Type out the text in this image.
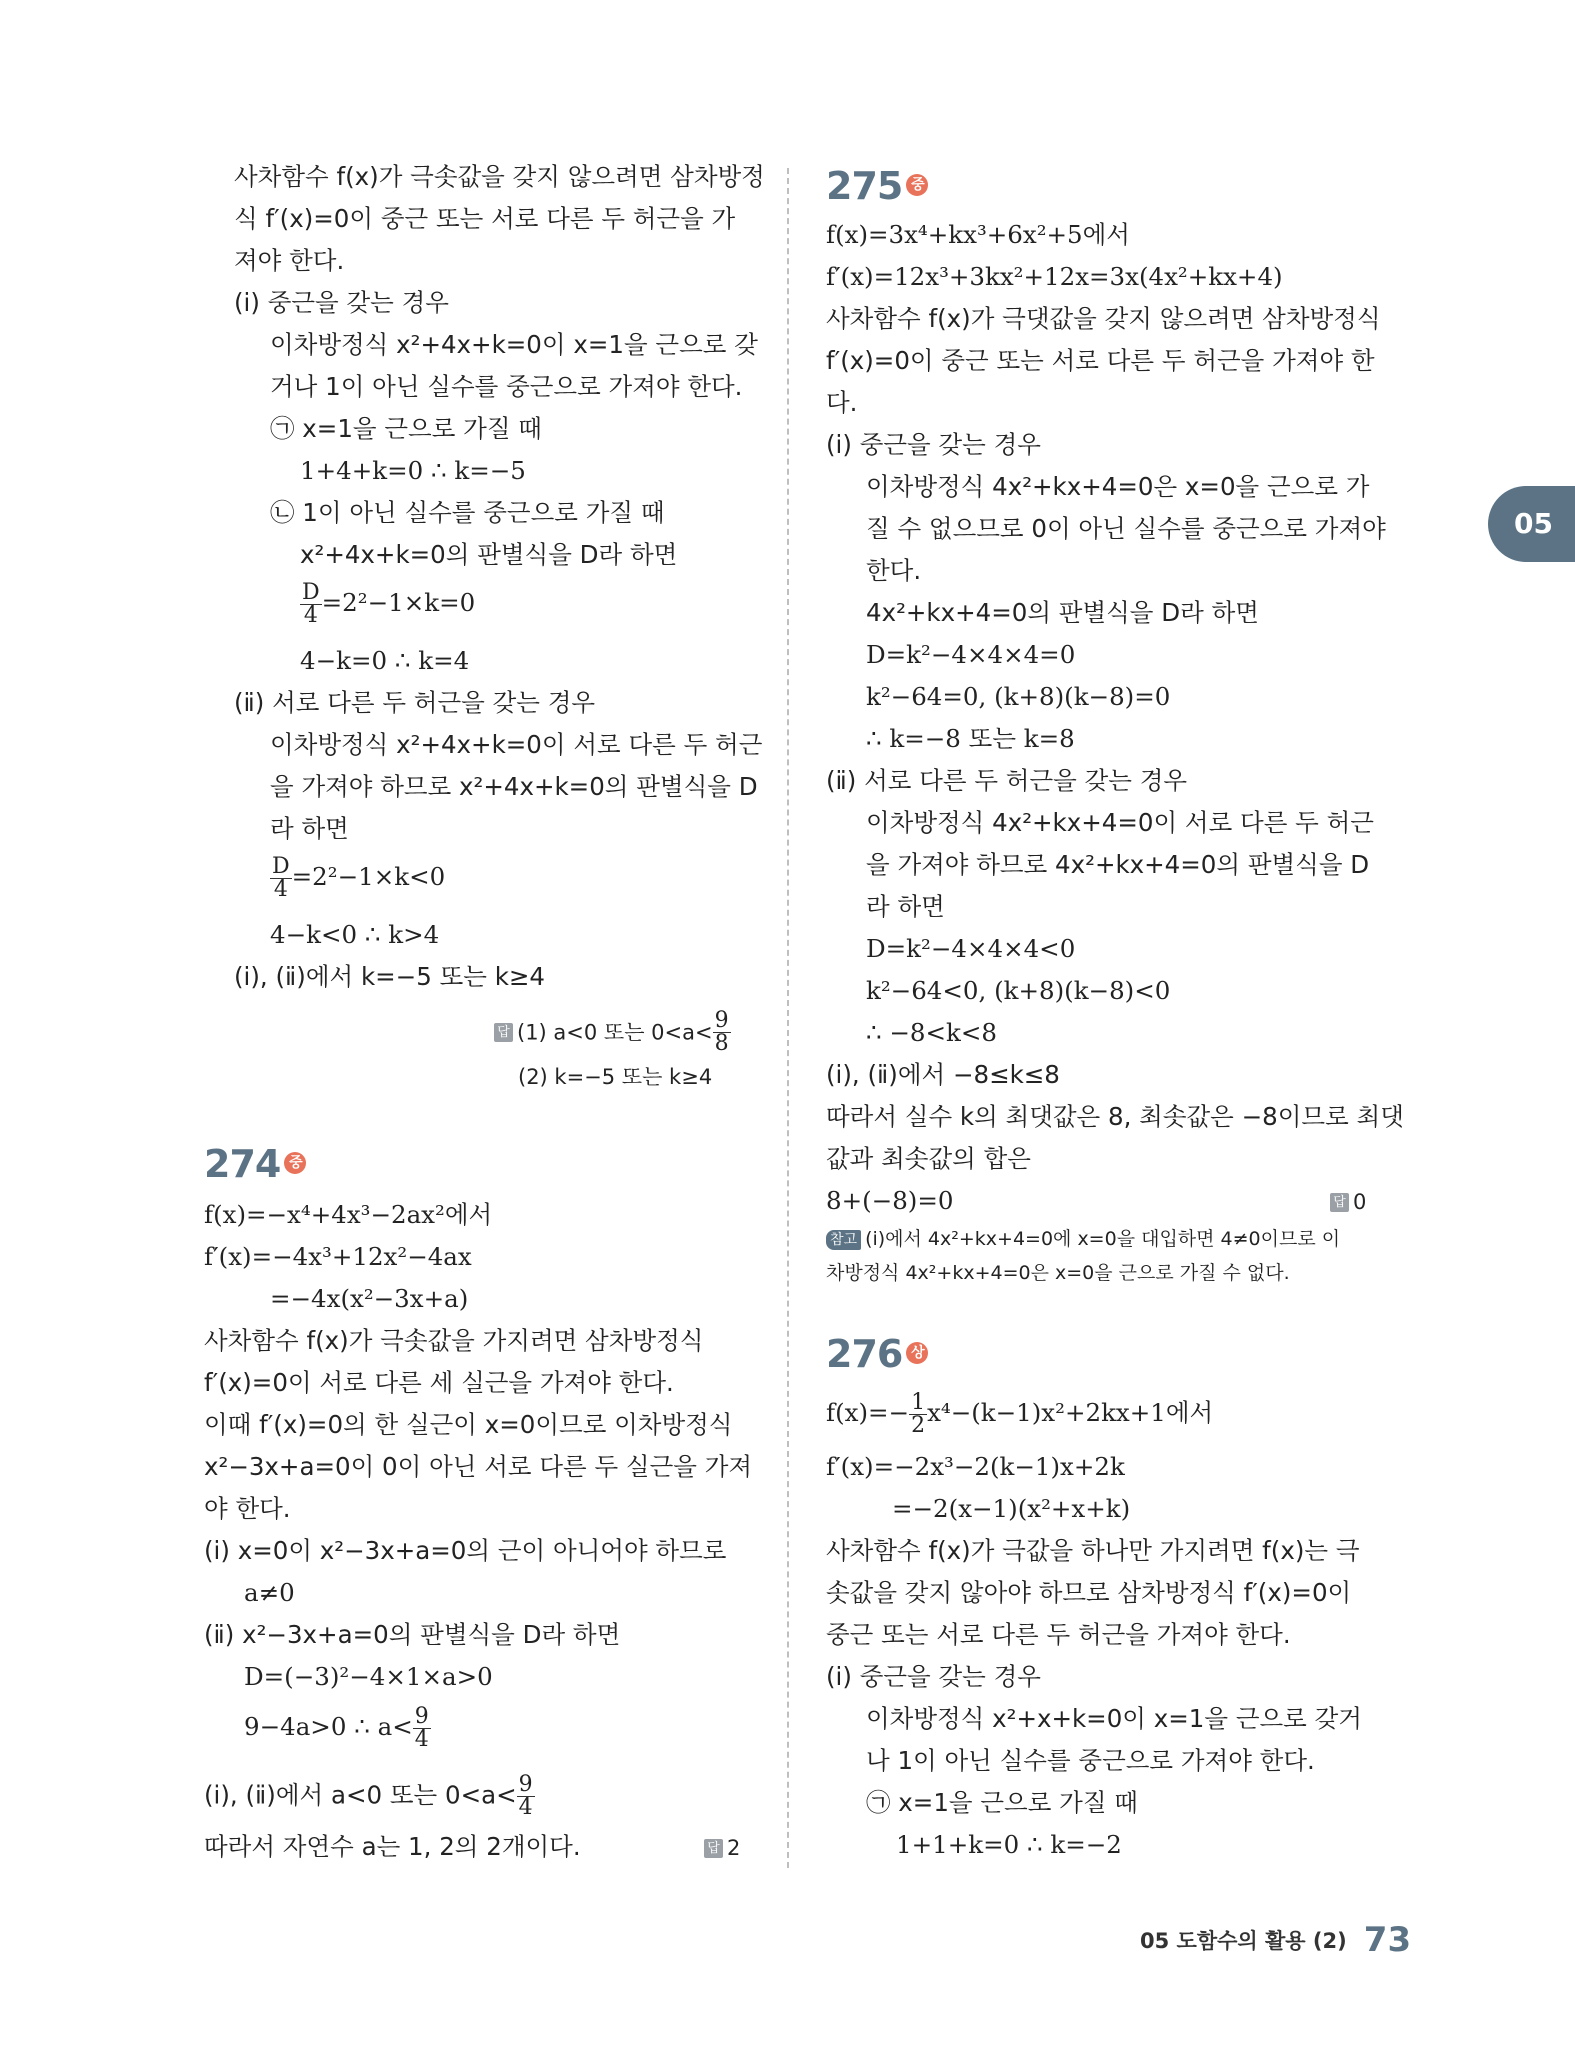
사차함수 f(x)가 극솟값을 갖지 않으려면 삼차방정
식 f′(x)=0이 중근 또는 서로 다른 두 허근을 가
져야 한다.
(ⅰ) 중근을 갖는 경우
이차방정식 x²+4x+k=0이 x=1을 근으로 갖
거나 1이 아닌 실수를 중근으로 가져야 한다.
㉠ x=1을 근으로 가질 때
1+4+k=0 ∴ k=−5
㉡ 1이 아닌 실수를 중근으로 가질 때
x²+4x+k=0의 판별식을 D라 하면
$\frac{D}{4} =2^2-1\times k=0$
4−k=0 ∴ k=4
(ⅱ) 서로 다른 두 허근을 갖는 경우
이차방정식 x²+4x+k=0이 서로 다른 두 허근
을 가져야 하므로 x²+4x+k=0의 판별식을 D
라 하면
$\frac{D}{4} =2^2-1\times k<0$
4−k<0 ∴ k>4
(ⅰ), (ⅱ)에서 k=−5 또는 k≥4
답 (1) a<0 또는 $0<a< \frac{9}{8}$
(2) k=−5 또는 k≥4
274 중
f(x)=−x⁴+4x³−2ax²에서
f′(x)=−4x³+12x²−4ax
=−4x(x²−3x+a)
사차함수 f(x)가 극솟값을 가지려면 삼차방정식
f′(x)=0이 서로 다른 세 실근을 가져야 한다.
이때 f′(x)=0의 한 실근이 x=0이므로 이차방정식
x²−3x+a=0이 0이 아닌 서로 다른 두 실근을 가져
야 한다.
(ⅰ) x=0이 x²−3x+a=0의 근이 아니어야 하므로
a≠0
(ⅱ) x²−3x+a=0의 판별식을 D라 하면
D=(−3)²−4×1×a>0
9−4a>0 ∴ $a< \frac{9}{4}$
(ⅰ), (ⅱ)에서 a<0 또는 $0<a< \frac{9}{4}$
따라서 자연수 a는 1, 2의 2개이다.	답 2
275 중
f(x)=3x⁴+kx³+6x²+5에서
f′(x)=12x³+3kx²+12x=3x(4x²+kx+4)
사차함수 f(x)가 극댓값을 갖지 않으려면 삼차방정식
f′(x)=0이 중근 또는 서로 다른 두 허근을 가져야 한
다.
(ⅰ) 중근을 갖는 경우
이차방정식 4x²+kx+4=0은 x=0을 근으로 가
질 수 없으므로 0이 아닌 실수를 중근으로 가져야
한다.
4x²+kx+4=0의 판별식을 D라 하면
D=k²−4×4×4=0
k²−64=0, (k+8)(k−8)=0
∴ k=−8 또는 k=8
(ⅱ) 서로 다른 두 허근을 갖는 경우
이차방정식 4x²+kx+4=0이 서로 다른 두 허근
을 가져야 하므로 4x²+kx+4=0의 판별식을 D
라 하면
D=k²−4×4×4<0
k²−64<0, (k+8)(k−8)<0
∴ −8<k<8
(ⅰ), (ⅱ)에서 −8≤k≤8
따라서 실수 k의 최댓값은 8, 최솟값은 −8이므로 최댓
값과 최솟값의 합은
8+(−8)=0	답 0
참고 (ⅰ)에서 4x²+kx+4=0에 x=0을 대입하면 4≠0이므로 이
차방정식 4x²+kx+4=0은 x=0을 근으로 가질 수 없다.
276 상
$f(x)=- \frac{1}{2} x^4-(k-1)x^2+2kx+1$에서
f′(x)=−2x³−2(k−1)x+2k
=−2(x−1)(x²+x+k)
사차함수 f(x)가 극값을 하나만 가지려면 f(x)는 극
솟값을 갖지 않아야 하므로 삼차방정식 f′(x)=0이
중근 또는 서로 다른 두 허근을 가져야 한다.
(ⅰ) 중근을 갖는 경우
이차방정식 x²+x+k=0이 x=1을 근으로 갖거
나 1이 아닌 실수를 중근으로 가져야 한다.
㉠ x=1을 근으로 가질 때
1+1+k=0 ∴ k=−2
05
05 도함수의 활용 (2) 73
